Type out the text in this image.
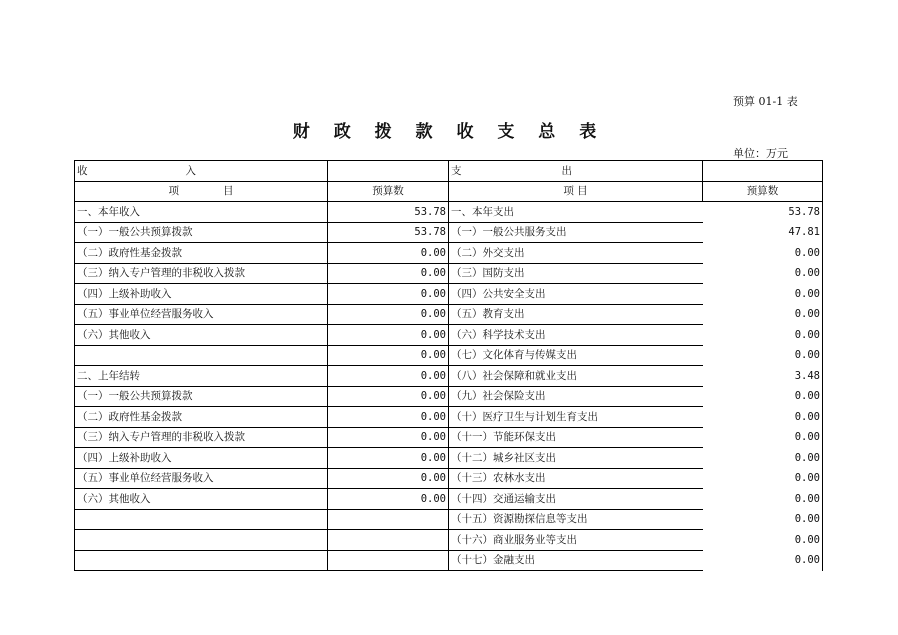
预算 01-1 表
财 政 拨 款 收 支 总 表
单位：万元
收 入		支 出	
项 目	预算数	项 目	预算数
一、本年收入	53.78	一、本年支出	53.78
（一）一般公共预算拨款	53.78	（一）一般公共服务支出	47.81
（二）政府性基金拨款	0.00	（二）外交支出	0.00
（三）纳入专户管理的非税收入拨款	0.00	（三）国防支出	0.00
（四）上级补助收入	0.00	（四）公共安全支出	0.00
（五）事业单位经营服务收入	0.00	（五）教育支出	0.00
（六）其他收入	0.00	（六）科学技术支出	0.00
	0.00	（七）文化体育与传媒支出	0.00
二、上年结转	0.00	（八）社会保障和就业支出	3.48
（一）一般公共预算拨款	0.00	（九）社会保险支出	0.00
（二）政府性基金拨款	0.00	（十）医疗卫生与计划生育支出	0.00
（三）纳入专户管理的非税收入拨款	0.00	（十一）节能环保支出	0.00
（四）上级补助收入	0.00	（十二）城乡社区支出	0.00
（五）事业单位经营服务收入	0.00	（十三）农林水支出	0.00
（六）其他收入	0.00	（十四）交通运输支出	0.00
		（十五）资源勘探信息等支出	0.00
		（十六）商业服务业等支出	0.00
		（十七）金融支出	0.00
